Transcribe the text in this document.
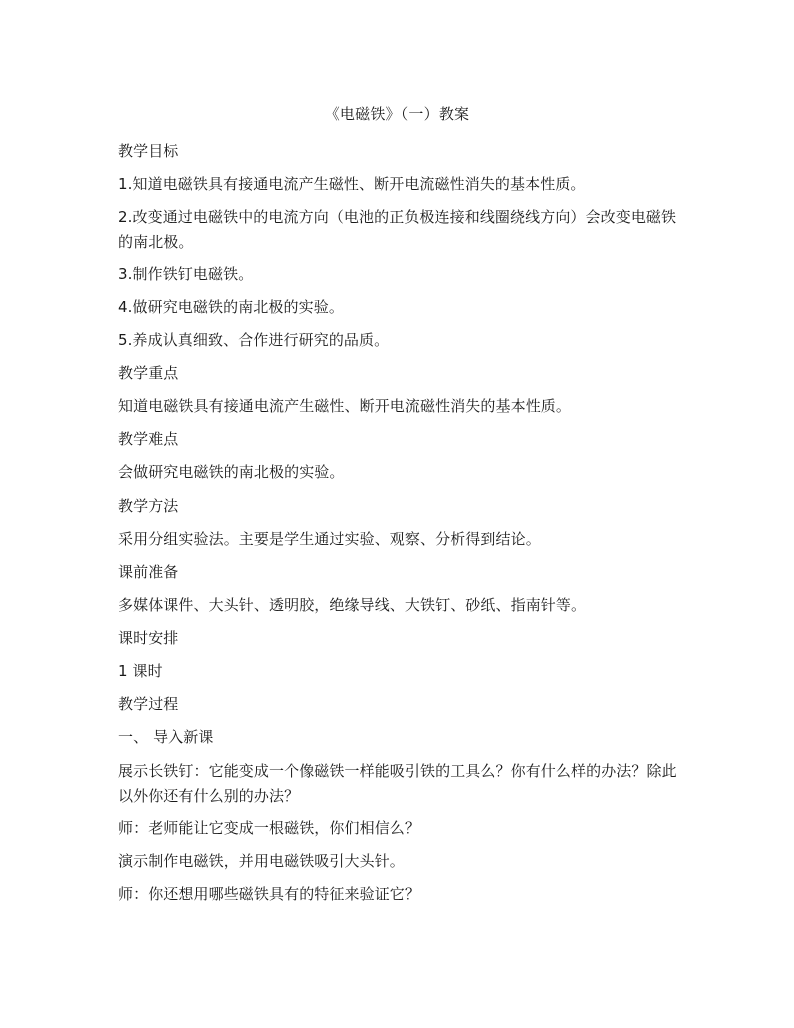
《电磁铁》（一）教案
教学目标
1.知道电磁铁具有接通电流产生磁性、断开电流磁性消失的基本性质。
2.改变通过电磁铁中的电流方向（电池的正负极连接和线圈绕线方向）会改变电磁铁的南北极。
3.制作铁钉电磁铁。
4.做研究电磁铁的南北极的实验。
5.养成认真细致、合作进行研究的品质。
教学重点
知道电磁铁具有接通电流产生磁性、断开电流磁性消失的基本性质。
教学难点
会做研究电磁铁的南北极的实验。
教学方法
采用分组实验法。主要是学生通过实验、观察、分析得到结论。
课前准备
多媒体课件、大头针、透明胶，绝缘导线、大铁钉、砂纸、指南针等。
课时安排
1 课时
教学过程
一、 导入新课
展示长铁钉：它能变成一个像磁铁一样能吸引铁的工具么？你有什么样的办法？除此以外你还有什么别的办法？
师：老师能让它变成一根磁铁，你们相信么？
演示制作电磁铁，并用电磁铁吸引大头针。
师：你还想用哪些磁铁具有的特征来验证它？
